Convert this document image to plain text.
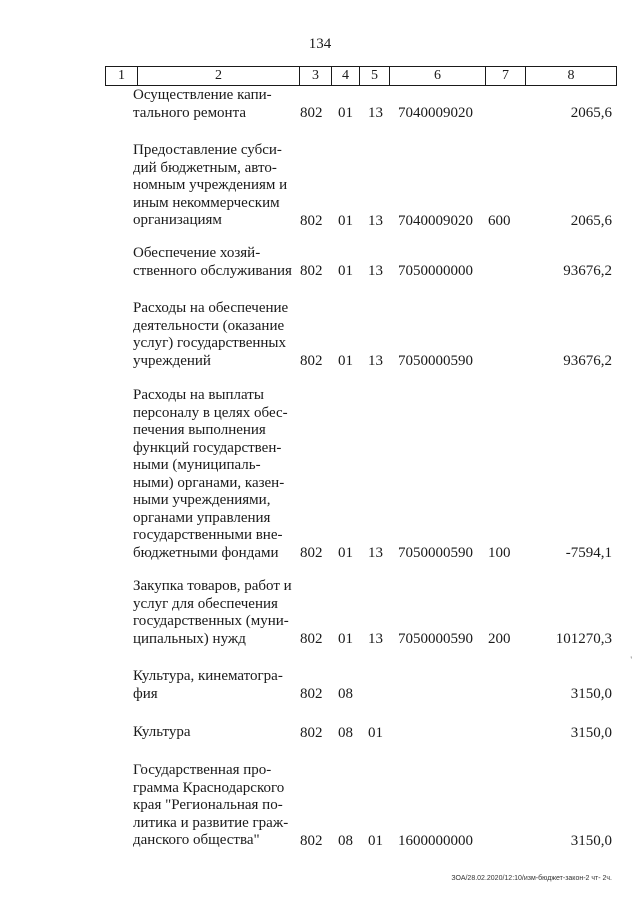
134
1	2	3	4	5	6	7	8
Осуществление капи-
тального ремонта	802 01 13 7040009020	2065,6
Предоставление субси-
дий бюджетным, авто-
номным учреждениям и
иным некоммерческим
организациям	802 01 13 7040009020 600	2065,6
Обеспечение хозяй-
ственного обслуживания 802 01 13 7050000000	93676,2
Расходы на обеспечение
деятельности (оказание
услуг) государственных
учреждений	802 01 13 7050000590	93676,2
Расходы на выплаты
персоналу в целях обес-
печения выполнения
функций государствен-
ными (муниципаль-
ными) органами, казен-
ными учреждениями,
органами управления
государственными вне-
бюджетными фондами	802 01 13 7050000590 100	-7594,1
Закупка товаров, работ и
услуг для обеспечения
государственных (муни-
ципальных) нужд	802 01 13 7050000590 200	101270,3
Культура, кинематогра-
фия	802 08	3150,0
Культура	802 08 01	3150,0
Государственная про-
грамма Краснодарского
края "Региональная по-
литика и развитие граж-
данского общества"	802 08 01 1600000000	3150,0
'
ЗОА/28.02.2020/12:10/изм-бюджет-закон-2 чт- 2ч.
